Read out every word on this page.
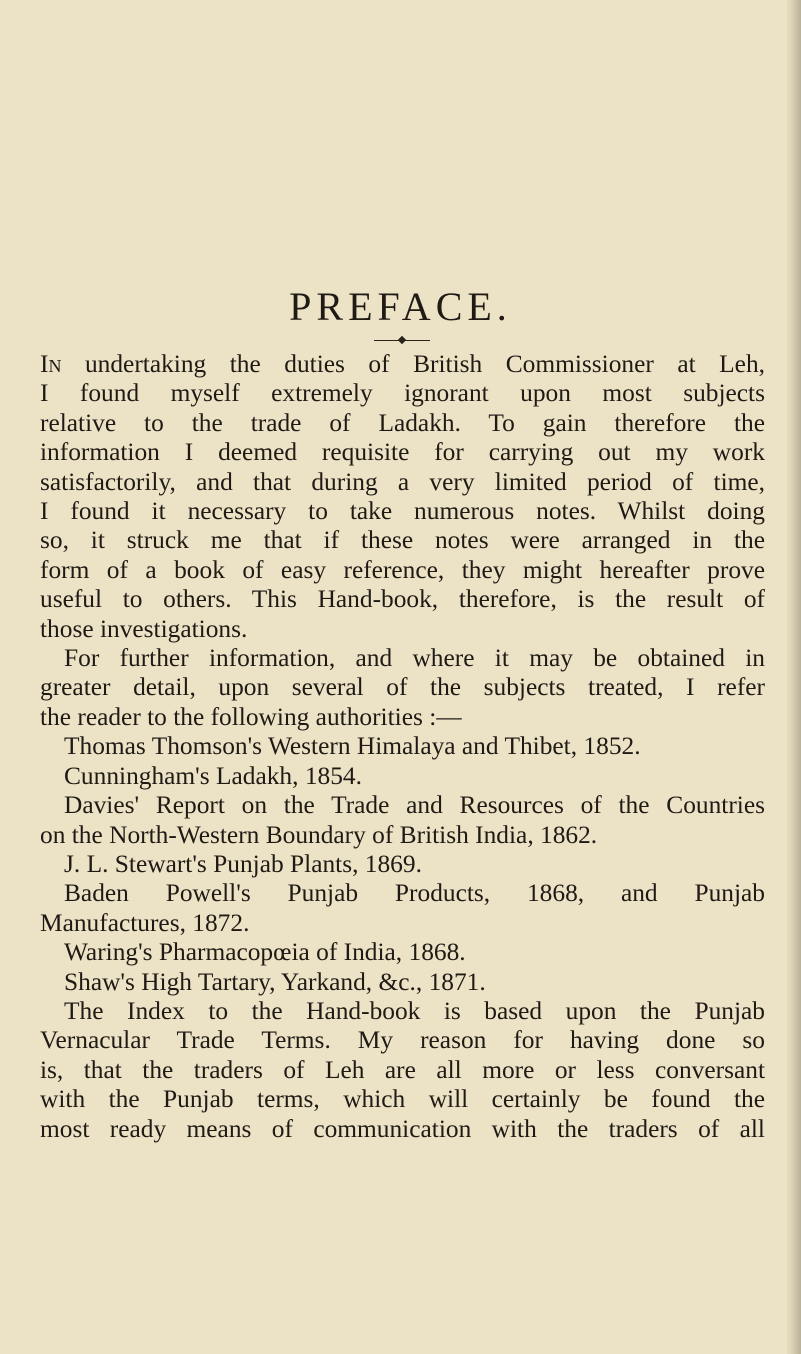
PREFACE.
In undertaking the duties of British Commissioner at Leh,
I found myself extremely ignorant upon most subjects
relative to the trade of Ladakh. To gain therefore the
information I deemed requisite for carrying out my work
satisfactorily, and that during a very limited period of time,
I found it necessary to take numerous notes. Whilst doing
so, it struck me that if these notes were arranged in the
form of a book of easy reference, they might hereafter prove
useful to others. This Hand-book, therefore, is the result of
those investigations.
For further information, and where it may be obtained in
greater detail, upon several of the subjects treated, I refer
the reader to the following authorities :—
Thomas Thomson's Western Himalaya and Thibet, 1852.
Cunningham's Ladakh, 1854.
Davies' Report on the Trade and Resources of the Countries
on the North-Western Boundary of British India, 1862.
J. L. Stewart's Punjab Plants, 1869.
Baden Powell's Punjab Products, 1868, and Punjab
Manufactures, 1872.
Waring's Pharmacopœia of India, 1868.
Shaw's High Tartary, Yarkand, &c., 1871.
The Index to the Hand-book is based upon the Punjab
Vernacular Trade Terms. My reason for having done so
is, that the traders of Leh are all more or less conversant
with the Punjab terms, which will certainly be found the
most ready means of communication with the traders of all
